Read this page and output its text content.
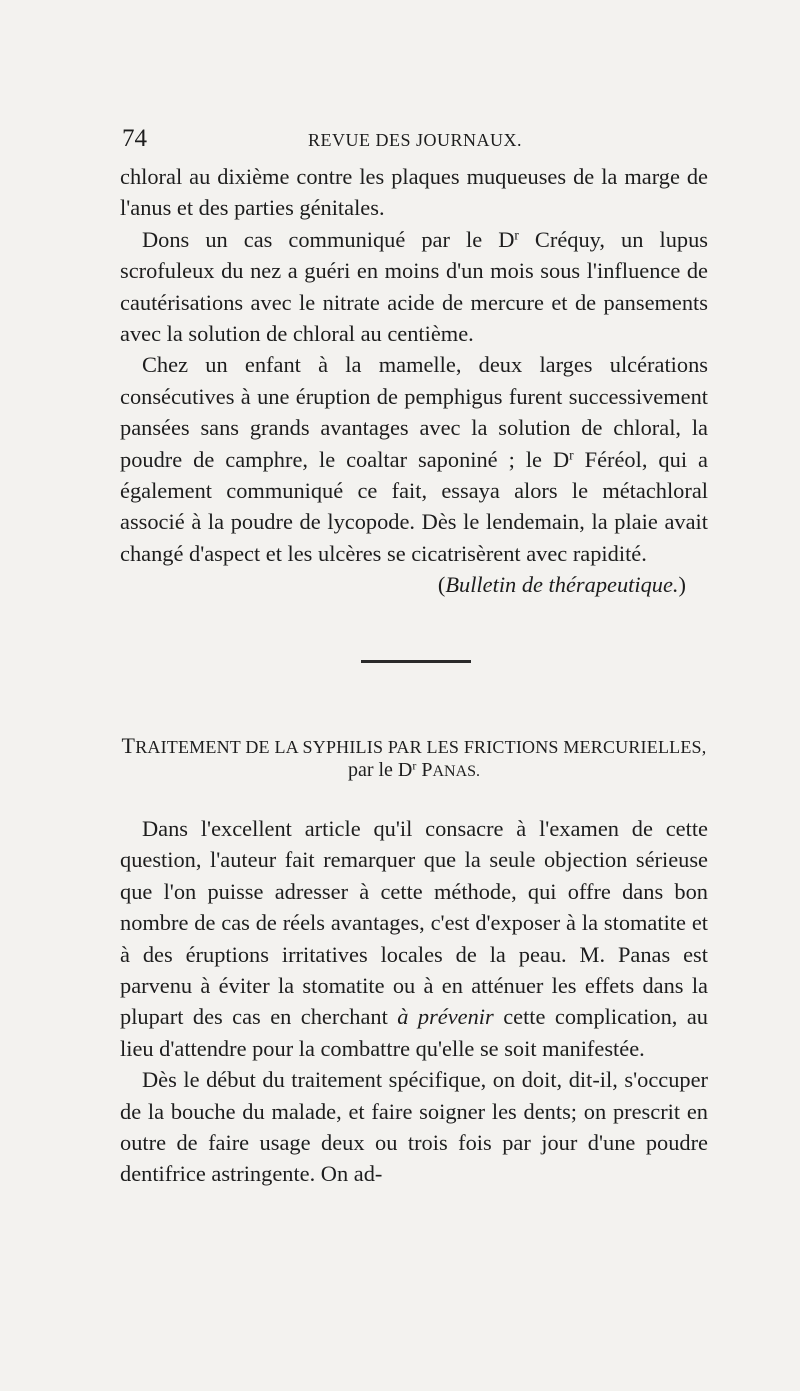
74	REVUE DES JOURNAUX.

chloral au dixième contre les plaques muqueuses de la marge de l'anus et des parties génitales.

Dons un cas communiqué par le $D^r$ Créquy, un lupus scrofuleux du nez a guéri en moins d'un mois sous l'influence de cautérisations avec le nitrate acide de mercure et de pansements avec la solution de chloral au centième.

Chez un enfant à la mamelle, deux larges ulcérations consécutives à une éruption de pemphigus furent successivement pansées sans grands avantages avec la solution de chloral, la poudre de camphre, le coaltar saponiné ; le $D^r$ Féréol, qui a également communiqué ce fait, essaya alors le métachloral associé à la poudre de lycopode. Dès le lendemain, la plaie avait changé d'aspect et les ulcères se cicatrisèrent avec rapidité.

(Bulletin de thérapeutique.)

TRAITEMENT DE LA SYPHILIS PAR LES FRICTIONS MERCURIELLES,
par le $D^r$ PANAS.

Dans l'excellent article qu'il consacre à l'examen de cette question, l'auteur fait remarquer que la seule objection sérieuse que l'on puisse adresser à cette méthode, qui offre dans bon nombre de cas de réels avantages, c'est d'exposer à la stomatite et à des éruptions irritatives locales de la peau. M. Panas est parvenu à éviter la stomatite ou à en atténuer les effets dans la plupart des cas en cherchant à prévenir cette complication, au lieu d'attendre pour la combattre qu'elle se soit manifestée.

Dès le début du traitement spécifique, on doit, dit-il, s'occuper de la bouche du malade, et faire soigner les dents; on prescrit en outre de faire usage deux ou trois fois par jour d'une poudre dentifrice astringente. On ad-
